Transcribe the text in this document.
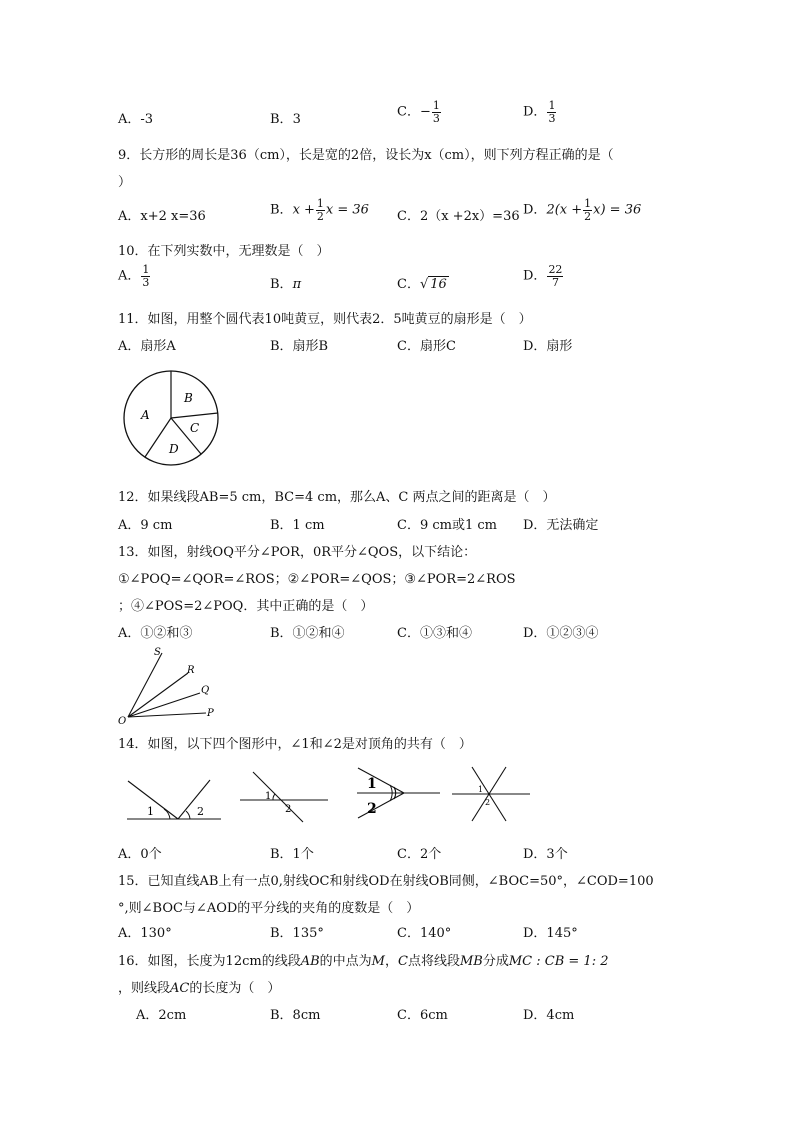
A．-3	B．3	C．− $\frac{1}{3}$	D． $\frac{1}{3}$
9．长方形的周长是36（cm），长是宽的2倍，设长为x（cm），则下列方程正确的是（
）
A．x+2 x=36	B．$x + \frac{1}{2}$ x = 36 C．2（x +2x）=36 D．$2(x + \frac{1}{2} x) = 36$
10．在下列实数中，无理数是（　）
A． $\frac{1}{3}$	B．π	C．√ 16
D． $\frac{22}{7}$
11．如图，用整个圆代表10吨黄豆，则代表2．5吨黄豆的扇形是（　）
A．扇形A	B．扇形B	C．扇形C	D．扇形
A
B
C
D
12．如果线段AB=5 cm，BC=4 cm，那么A、C 两点之间的距离是（　）
A．9 cm	B．1 cm	C．9 cm或1 cm D．无法确定
13．如图，射线OQ平分∠POR，0R平分∠QOS，以下结论：
①∠POQ=∠QOR=∠ROS；②∠POR=∠QOS；③∠POR=2∠ROS
；④∠POS=2∠POQ．其中正确的是（　）
A．①②和③	B．①②和④	C．①③和④	D．①②③④
S
R
Q
P
O
14．如图，以下四个图形中，∠1和∠2是对顶角的共有（　）
1	2
1
2
1
2
1
2
A．0个	B．1个	C．2个	D．3个
15．已知直线AB上有一点0,射线OC和射线OD在射线OB同侧，∠BOC=50°，∠COD=100
°,则∠BOC与∠AOD的平分线的夹角的度数是（　）
A．130°	B．135°	C．140°	D．145°
16．如图，长度为12cm的线段AB的中点为M，C点将线段MB分成MC : CB = 1: 2
，则线段AC的长度为（　）
A．2cm	B．8cm	C．6cm	D．4cm
